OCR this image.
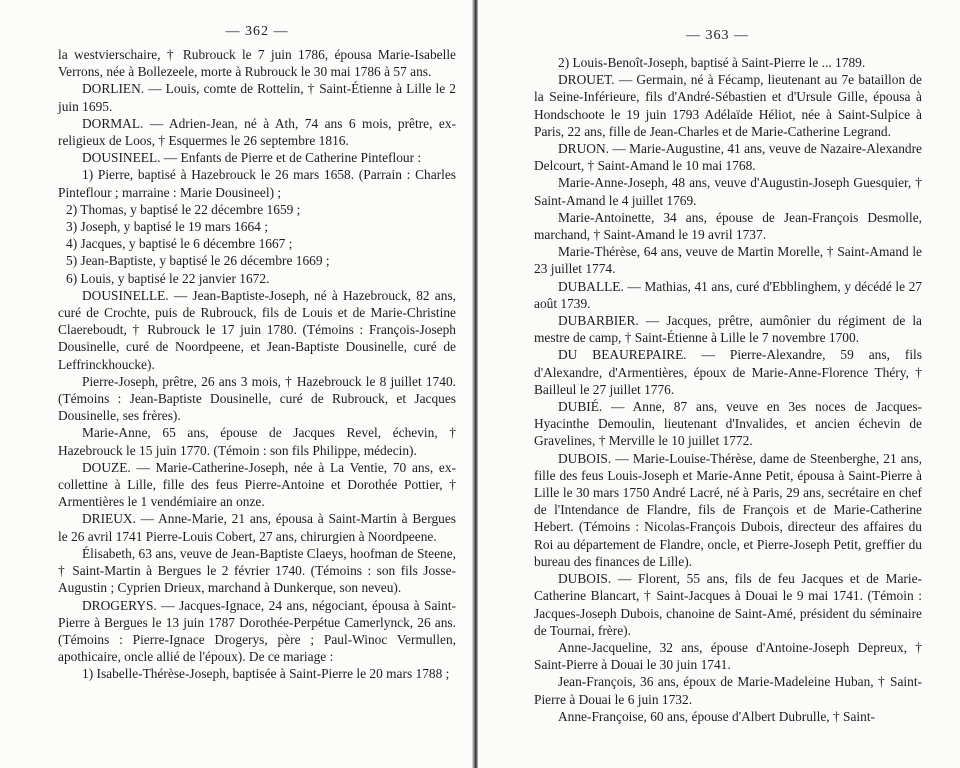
— 362 —

la westvierschaire, † Rubrouck le 7 juin 1786, épousa Marie-Isabelle Verrons, née à Bollezeele, morte à Rubrouck le 30 mai 1786 à 57 ans.

DORLIEN. — Louis, comte de Rottelin, † Saint-Étienne à Lille le 2 juin 1695.

DORMAL. — Adrien-Jean, né à Ath, 74 ans 6 mois, prêtre, ex-religieux de Loos, † Esquermes le 26 septembre 1816.

DOUSINEEL. — Enfants de Pierre et de Catherine Pinteflour :

1) Pierre, baptisé à Hazebrouck le 26 mars 1658. (Parrain : Charles Pinteflour ; marraine : Marie Dousineel) ;

2) Thomas, y baptisé le 22 décembre 1659 ;

3) Joseph, y baptisé le 19 mars 1664 ;

4) Jacques, y baptisé le 6 décembre 1667 ;

5) Jean-Baptiste, y baptisé le 26 décembre 1669 ;

6) Louis, y baptisé le 22 janvier 1672.

DOUSINELLE. — Jean-Baptiste-Joseph, né à Hazebrouck, 82 ans, curé de Crochte, puis de Rubrouck, fils de Louis et de Marie-Christine Claereboudt, † Rubrouck le 17 juin 1780. (Témoins : François-Joseph Dousinelle, curé de Noordpeene, et Jean-Baptiste Dousinelle, curé de Leffrinckhoucke).

Pierre-Joseph, prêtre, 26 ans 3 mois, † Hazebrouck le 8 juillet 1740. (Témoins : Jean-Baptiste Dousinelle, curé de Rubrouck, et Jacques Dousinelle, ses frères).

Marie-Anne, 65 ans, épouse de Jacques Revel, échevin, † Hazebrouck le 15 juin 1770. (Témoin : son fils Philippe, médecin).

DOUZE. — Marie-Catherine-Joseph, née à La Ventie, 70 ans, ex-collettine à Lille, fille des feus Pierre-Antoine et Dorothée Pottier, † Armentières le 1 vendémiaire an onze.

DRIEUX. — Anne-Marie, 21 ans, épousa à Saint-Martin à Bergues le 26 avril 1741 Pierre-Louis Cobert, 27 ans, chirurgien à Noordpeene.

Élisabeth, 63 ans, veuve de Jean-Baptiste Claeys, hoofman de Steene, † Saint-Martin à Bergues le 2 février 1740. (Témoins : son fils Josse-Augustin ; Cyprien Drieux, marchand à Dunkerque, son neveu).

DROGERYS. — Jacques-Ignace, 24 ans, négociant, épousa à Saint-Pierre à Bergues le 13 juin 1787 Dorothée-Perpétue Camerlynck, 26 ans. (Témoins : Pierre-Ignace Drogerys, père ; Paul-Winoc Vermullen, apothicaire, oncle allié de l'époux). De ce mariage :

1) Isabelle-Thérèse-Joseph, baptisée à Saint-Pierre le 20 mars 1788 ;

— 363 —

2) Louis-Benoît-Joseph, baptisé à Saint-Pierre le ... 1789.

DROUET. — Germain, né à Fécamp, lieutenant au 7e bataillon de la Seine-Inférieure, fils d'André-Sébastien et d'Ursule Gille, épousa à Hondschoote le 19 juin 1793 Adélaïde Héliot, née à Saint-Sulpice à Paris, 22 ans, fille de Jean-Charles et de Marie-Catherine Legrand.

DRUON. — Marie-Augustine, 41 ans, veuve de Nazaire-Alexandre Delcourt, † Saint-Amand le 10 mai 1768.

Marie-Anne-Joseph, 48 ans, veuve d'Augustin-Joseph Guesquier, † Saint-Amand le 4 juillet 1769.

Marie-Antoinette, 34 ans, épouse de Jean-François Desmolle, marchand, † Saint-Amand le 19 avril 1737.

Marie-Thérèse, 64 ans, veuve de Martin Morelle, † Saint-Amand le 23 juillet 1774.

DUBALLE. — Mathias, 41 ans, curé d'Ebblinghem, y décédé le 27 août 1739.

DUBARBIER. — Jacques, prêtre, aumônier du régiment de la mestre de camp, † Saint-Étienne à Lille le 7 novembre 1700.

DU BEAUREPAIRE. — Pierre-Alexandre, 59 ans, fils d'Alexandre, d'Armentières, époux de Marie-Anne-Florence Théry, † Bailleul le 27 juillet 1776.

DUBIÉ. — Anne, 87 ans, veuve en 3es noces de Jacques-Hyacinthe Demoulin, lieutenant d'Invalides, et ancien échevin de Gravelines, † Merville le 10 juillet 1772.

DUBOIS. — Marie-Louise-Thérèse, dame de Steenberghe, 21 ans, fille des feus Louis-Joseph et Marie-Anne Petit, épousa à Saint-Pierre à Lille le 30 mars 1750 André Lacré, né à Paris, 29 ans, secrétaire en chef de l'Intendance de Flandre, fils de François et de Marie-Catherine Hebert. (Témoins : Nicolas-François Dubois, directeur des affaires du Roi au département de Flandre, oncle, et Pierre-Joseph Petit, greffier du bureau des finances de Lille).

DUBOIS. — Florent, 55 ans, fils de feu Jacques et de Marie-Catherine Blancart, † Saint-Jacques à Douai le 9 mai 1741. (Témoin : Jacques-Joseph Dubois, chanoine de Saint-Amé, président du séminaire de Tournai, frère).

Anne-Jacqueline, 32 ans, épouse d'Antoine-Joseph Depreux, † Saint-Pierre à Douai le 30 juin 1741.

Jean-François, 36 ans, époux de Marie-Madeleine Huban, † Saint-Pierre à Douai le 6 juin 1732.

Anne-Françoise, 60 ans, épouse d'Albert Dubrulle, † Saint-
